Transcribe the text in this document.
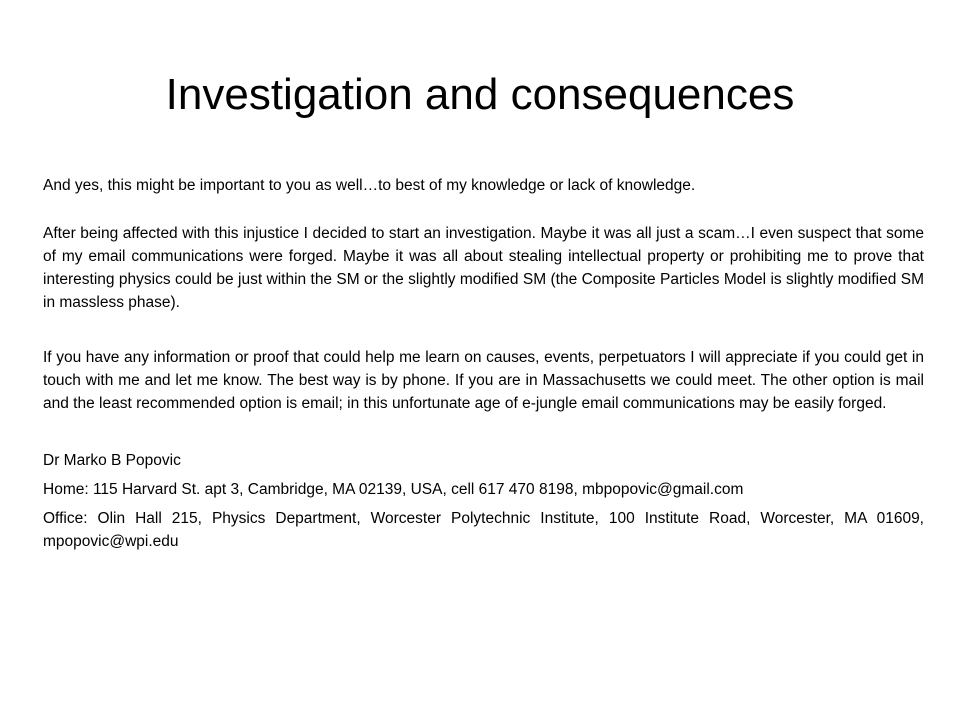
Investigation and consequences

And yes, this might be important to you as well…to best of my knowledge or lack of knowledge.

After being affected with this injustice I decided to start an investigation. Maybe it was all just a scam…I even suspect that some of my email communications were forged. Maybe it was all about stealing intellectual property or prohibiting me to prove that interesting physics could be just within the SM or the slightly modified SM (the Composite Particles Model is slightly modified SM in massless phase).

If you have any information or proof that could help me learn on causes, events, perpetuators I will appreciate if you could get in touch with me and let me know. The best way is by phone. If you are in Massachusetts we could meet. The other option is mail and the least recommended option is email; in this unfortunate age of e-jungle email communications may be easily forged.

Dr Marko B Popovic

Home: 115 Harvard St. apt 3, Cambridge, MA 02139, USA, cell 617 470 8198, mbpopovic@gmail.com

Office: Olin Hall 215, Physics Department, Worcester Polytechnic Institute, 100 Institute Road, Worcester, MA 01609, mpopovic@wpi.edu
